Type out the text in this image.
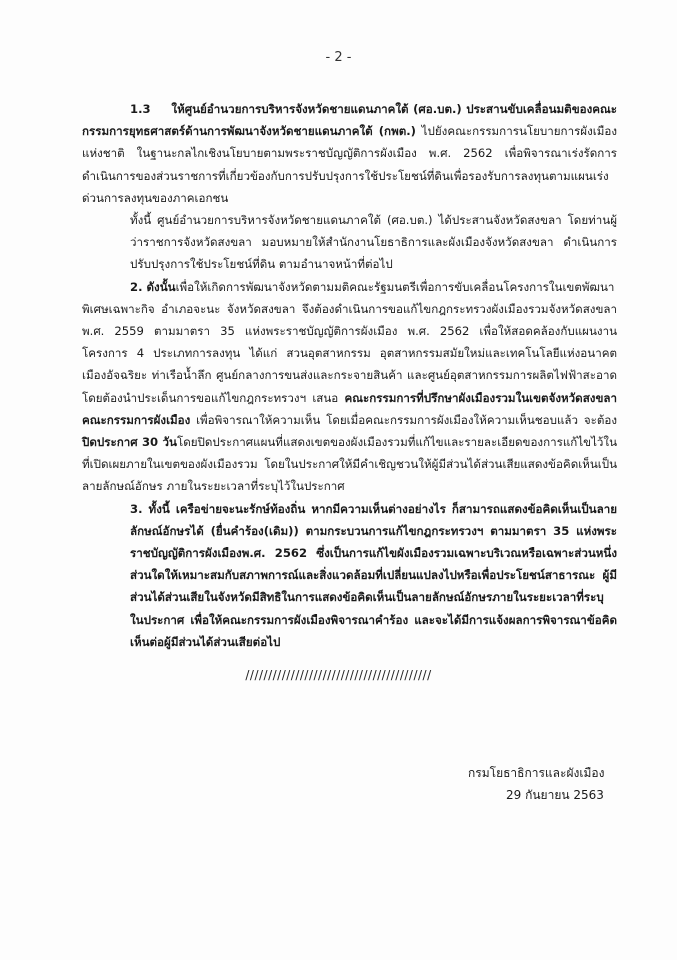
- 2 -

1.3 ให้ศูนย์อำนวยการบริหารจังหวัดชายแดนภาคใต้ (ศอ.บต.) ประสานขับเคลื่อนมติของคณะกรรมการยุทธศาสตร์ด้านการพัฒนาจังหวัดชายแดนภาคใต้ (กพต.) ไปยังคณะกรรมการนโยบายการผังเมืองแห่งชาติ ในฐานะกลไกเชิงนโยบายตามพระราชบัญญัติการผังเมือง พ.ศ. 2562 เพื่อพิจารณาเร่งรัดการดำเนินการของส่วนราชการที่เกี่ยวข้องกับการปรับปรุงการใช้ประโยชน์ที่ดินเพื่อรองรับการลงทุนตามแผนเร่งด่วนการลงทุนของภาคเอกชน

ทั้งนี้ ศูนย์อำนวยการบริหารจังหวัดชายแดนภาคใต้ (ศอ.บต.) ได้ประสานจังหวัดสงขลา โดยท่านผู้ว่าราชการจังหวัดสงขลา มอบหมายให้สำนักงานโยธาธิการและผังเมืองจังหวัดสงขลา ดำเนินการปรับปรุงการใช้ประโยชน์ที่ดิน ตามอำนาจหน้าที่ต่อไป

2. ดังนั้นเพื่อให้เกิดการพัฒนาจังหวัดตามมติคณะรัฐมนตรีเพื่อการขับเคลื่อนโครงการในเขตพัฒนาพิเศษเฉพาะกิจ อำเภอจะนะ จังหวัดสงขลา จึงต้องดำเนินการขอแก้ไขกฎกระทรวงผังเมืองรวมจังหวัดสงขลา พ.ศ. 2559 ตามมาตรา 35 แห่งพระราชบัญญัติการผังเมือง พ.ศ. 2562 เพื่อให้สอดคล้องกับแผนงานโครงการ 4 ประเภทการลงทุน ได้แก่ สวนอุตสาหกรรม อุตสาหกรรมสมัยใหม่และเทคโนโลยีแห่งอนาคต เมืองอัจฉริยะ ท่าเรือน้ำลึก ศูนย์กลางการขนส่งและกระจายสินค้า และศูนย์อุตสาหกรรมการผลิตไฟฟ้าสะอาด โดยต้องนำประเด็นการขอแก้ไขกฎกระทรวงฯ เสนอ คณะกรรมการที่ปรึกษาผังเมืองรวมในเขตจังหวัดสงขลา คณะกรรมการผังเมือง เพื่อพิจารณาให้ความเห็น โดยเมื่อคณะกรรมการผังเมืองให้ความเห็นชอบแล้ว จะต้องปิดประกาศ 30 วันโดยปิดประกาศแผนที่แสดงเขตของผังเมืองรวมที่แก้ไขและรายละเอียดของการแก้ไขไว้ในที่เปิดเผยภายในเขตของผังเมืองรวม โดยในประกาศให้มีคำเชิญชวนให้ผู้มีส่วนได้ส่วนเสียแสดงข้อคิดเห็นเป็นลายลักษณ์อักษร ภายในระยะเวลาที่ระบุไว้ในประกาศ

3. ทั้งนี้ เครือข่ายจะนะรักษ์ท้องถิ่น หากมีความเห็นต่างอย่างไร ก็สามารถแสดงข้อคิดเห็นเป็นลายลักษณ์อักษรได้ (ยื่นคำร้อง(เดิม)) ตามกระบวนการแก้ไขกฎกระทรวงฯ ตามมาตรา 35 แห่งพระราชบัญญัติการผังเมืองพ.ศ. 2562 ซึ่งเป็นการแก้ไขผังเมืองรวมเฉพาะบริเวณหรือเฉพาะส่วนหนึ่งส่วนใดให้เหมาะสมกับสภาพการณ์และสิ่งแวดล้อมที่เปลี่ยนแปลงไปหรือเพื่อประโยชน์สาธารณะ ผู้มีส่วนได้ส่วนเสียในจังหวัดมีสิทธิในการแสดงข้อคิดเห็นเป็นลายลักษณ์อักษรภายในระยะเวลาที่ระบุในประกาศ เพื่อให้คณะกรรมการผังเมืองพิจารณาคำร้อง และจะได้มีการแจ้งผลการพิจารณาข้อคิดเห็นต่อผู้มีส่วนได้ส่วนเสียต่อไป

/////////////////////////////////////////
กรมโยธาธิการและผังเมือง
29 กันยายน 2563
